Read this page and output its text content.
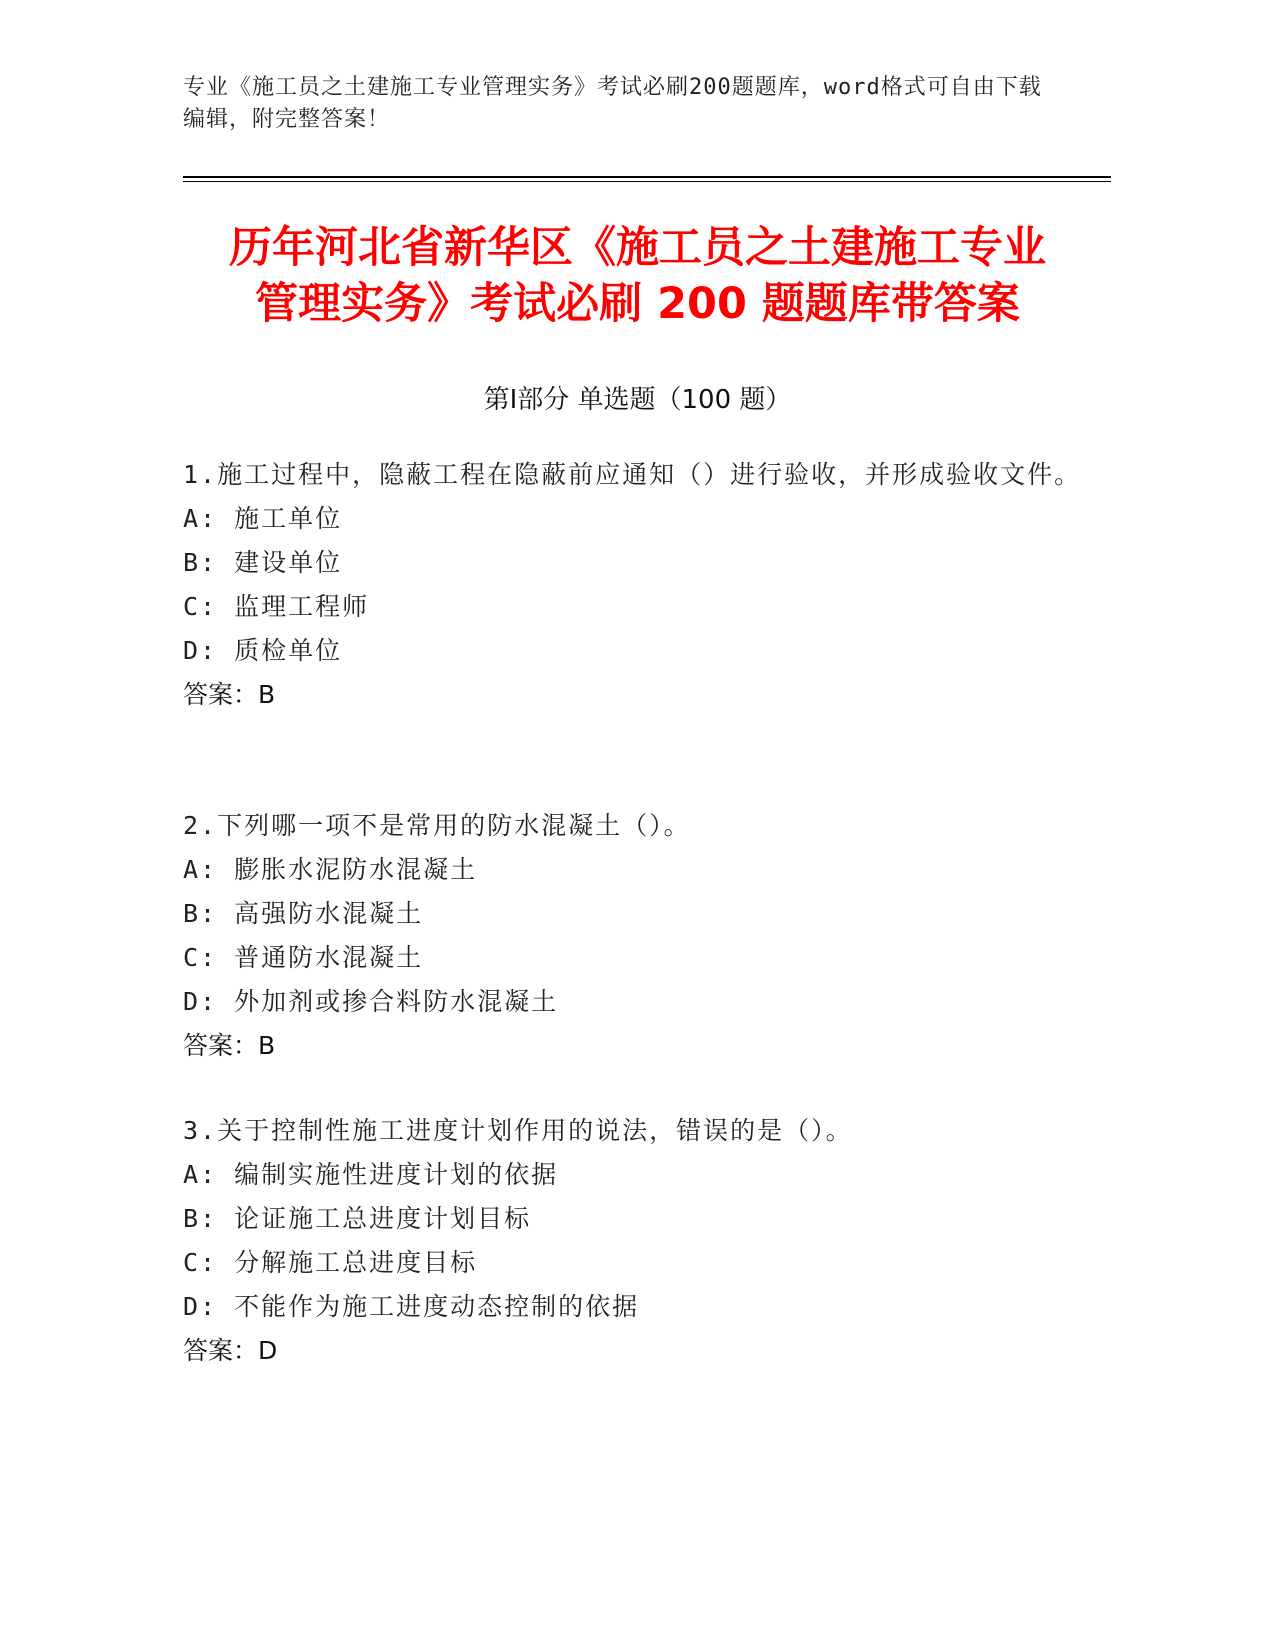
专业《施工员之土建施工专业管理实务》考试必刷200题题库，word格式可自由下载编辑，附完整答案！
历年河北省新华区《施工员之土建施工专业
管理实务》考试必刷 200 题题库带答案
第Ⅰ部分 单选题（100 题）

1.施工过程中，隐蔽工程在隐蔽前应通知（）进行验收，并形成验收文件。

A: 施工单位

B: 建设单位

C: 监理工程师

D: 质检单位

答案：B

2.下列哪一项不是常用的防水混凝土（）。

A: 膨胀水泥防水混凝土

B: 高强防水混凝土

C: 普通防水混凝土

D: 外加剂或掺合料防水混凝土

答案：B

3.关于控制性施工进度计划作用的说法，错误的是（）。

A: 编制实施性进度计划的依据

B: 论证施工总进度计划目标

C: 分解施工总进度目标

D: 不能作为施工进度动态控制的依据

答案：D
